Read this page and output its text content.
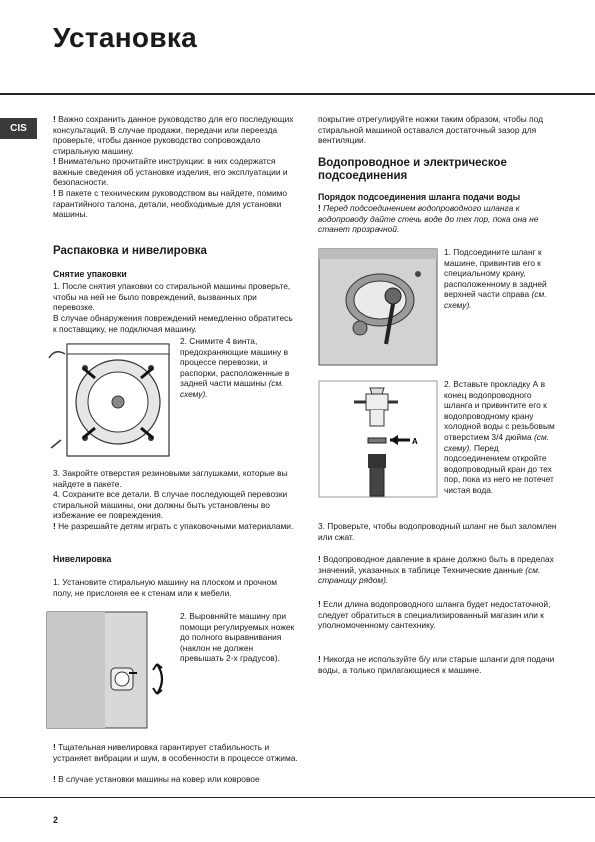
Установка
CIS

! Важно сохранить данное руководство для его последующих консультаций. В случае продажи, передачи или переезда проверьте, чтобы данное руководство сопровождало стиральную машину.

! Внимательно прочитайте инструкции: в них содержатся важные сведения об установке изделия, его эксплуатации и безопасности.

! В пакете с техническим руководством вы найдете, помимо гарантийного талона, детали, необходимые для установки машины.

Распаковка и нивелировка
Снятие упаковки

1. После снятия упаковки со стиральной машины проверьте, чтобы на ней не было повреждений, вызванных при перевозке.

В случае обнаружения повреждений немедленно обратитесь к поставщику, не подключая машину.

2. Снимите 4 винта, предохраняющие машину в процессе перевозки, и распорки, расположенные в задней части машины (см. схему).

3. Закройте отверстия резиновыми заглушками, которые вы найдете в пакете.

4. Сохраните все детали. В случае последующей перевозки стиральной машины, они должны быть установлены во избежание ее повреждения.

! Не разрешайте детям играть с упаковочными материалами.

Нивелировка

1. Установите стиральную машину на плоском и прочном полу, не прислоняя ее к стенам или к мебели.

2. Выровняйте машину при помощи регулируемых ножек до полного выравнивания (наклон не должен превышать 2-х градусов).

! Тщательная нивелировка гарантирует стабильность и устраняет вибрации и шум, в особенности в процессе отжима.

! В случае установки машины на ковер или ковровое

покрытие отрегулируйте ножки таким образом, чтобы под стиральной машиной оставался достаточный зазор для вентиляции.

Водопроводное и электрическое подсоединения
Порядок подсоединения шланга подачи воды

! Перед подсоединением водопроводного шланга к водопроводу дайте стечь воде до тех пор, пока она не станет прозрачной.

1. Подсоедините шланг к машине, привинтив его к специальному крану, расположенному в задней верхней части справа (см. схему).

A

2. Вставьте прокладку А в конец водопроводного шланга и привинтите его к водопроводному крану холодной воды с резьбовым отверстием 3/4 дюйма (см. схему). Перед подсоединением откройте водопроводный кран до тех пор, пока из него не потечет чистая вода.

3. Проверьте, чтобы водопроводный шланг не был заломлен или сжат.

! Водопроводное давление в кране должно быть в пределах значений, указанных в таблице Технические данные (см. страницу рядом).

! Если длина водопроводного шланга будет недостаточной, следует обратиться в специализированный магазин или к уполномоченному сантехнику.

! Никогда не используйте б/у или старые шланги для подачи воды, а только прилагающиеся к машине.

2
